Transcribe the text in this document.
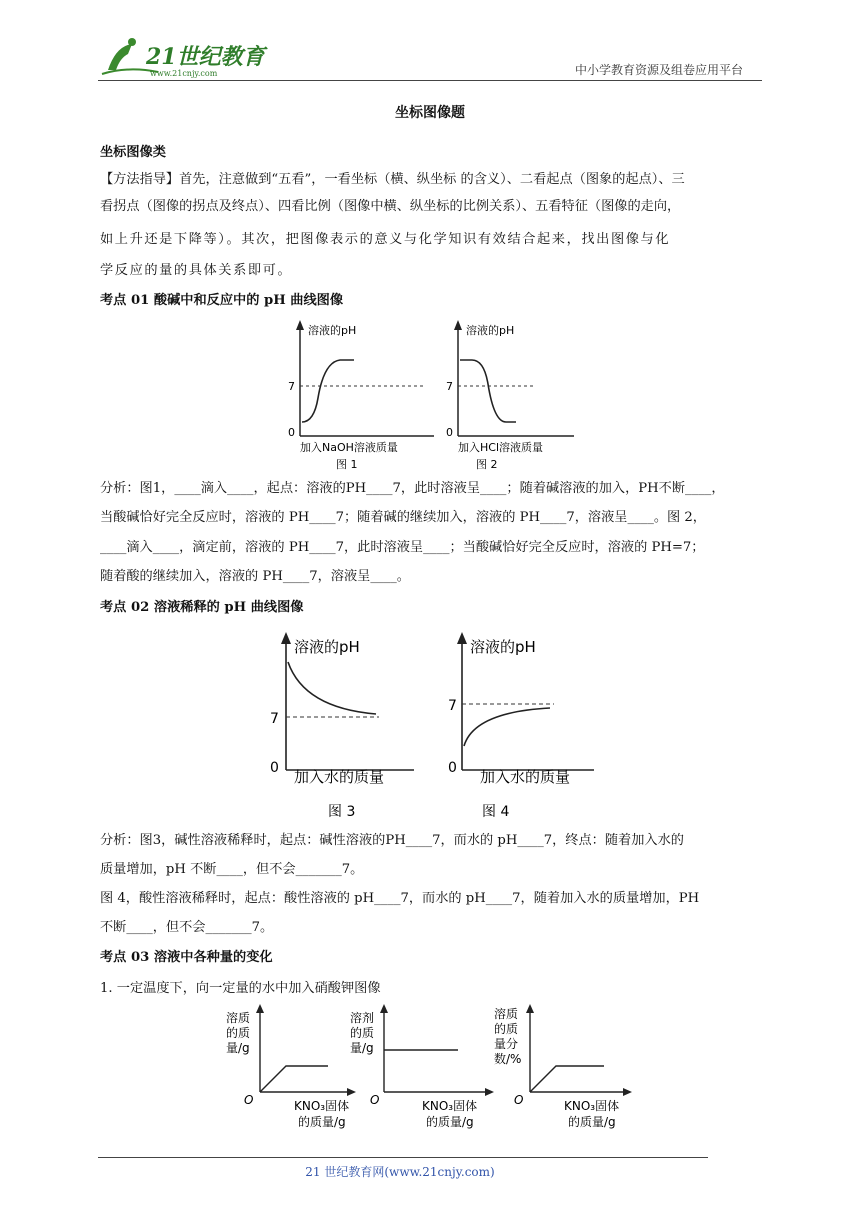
21世纪教育
www.21cnjy.com	中小学教育资源及组卷应用平台
坐标图像题
坐标图像类
【方法指导】首先，注意做到“五看”，一看坐标（横、纵坐标 的含义）、二看起点（图象的起点）、三
看拐点（图像的拐点及终点）、四看比例（图像中横、纵坐标的比例关系）、五看特征（图像的走向，
如上升还是下降等）。其次，把图像表示的意义与化学知识有效结合起来，找出图像与化
学反应的量的具体关系即可。
考点 01 酸碱中和反应中的 pH 曲线图像
溶液的pH
7
0
加入NaOH溶液质量
图 1
溶液的pH
7
0
加入HCl溶液质量
图 2
分析：图1，____滴入____，起点：溶液的PH____7，此时溶液呈____；随着碱溶液的加入，PH不断____，
当酸碱恰好完全反应时，溶液的 PH____7；随着碱的继续加入，溶液的 PH____7，溶液呈____。图 2，
____滴入____，滴定前，溶液的 PH____7，此时溶液呈____；当酸碱恰好完全反应时，溶液的 PH=7；
随着酸的继续加入，溶液的 PH____7，溶液呈____。
考点 02 溶液稀释的 pH 曲线图像
溶液的pH
7
0 加入水的质量
图 3
溶液的pH
7
0 加入水的质量
图 4
分析：图3，碱性溶液稀释时，起点：碱性溶液的PH____7，而水的 pH____7，终点：随着加入水的
质量增加，pH 不断____，但不会_______7。
图 4，酸性溶液稀释时，起点：酸性溶液的 pH____7，而水的 pH____7，随着加入水的质量增加，PH
不断____，但不会_______7。
考点 03 溶液中各种量的变化
1. 一定温度下，向一定量的水中加入硝酸钾图像
溶质
的质
量/g
O	KNO₃固体
的质量/g
溶剂
的质
量/g
O	KNO₃固体
的质量/g
溶质
的质
量分
数/%
O	KNO₃固体
的质量/g
21 世纪教育网(www.21cnjy.com)
